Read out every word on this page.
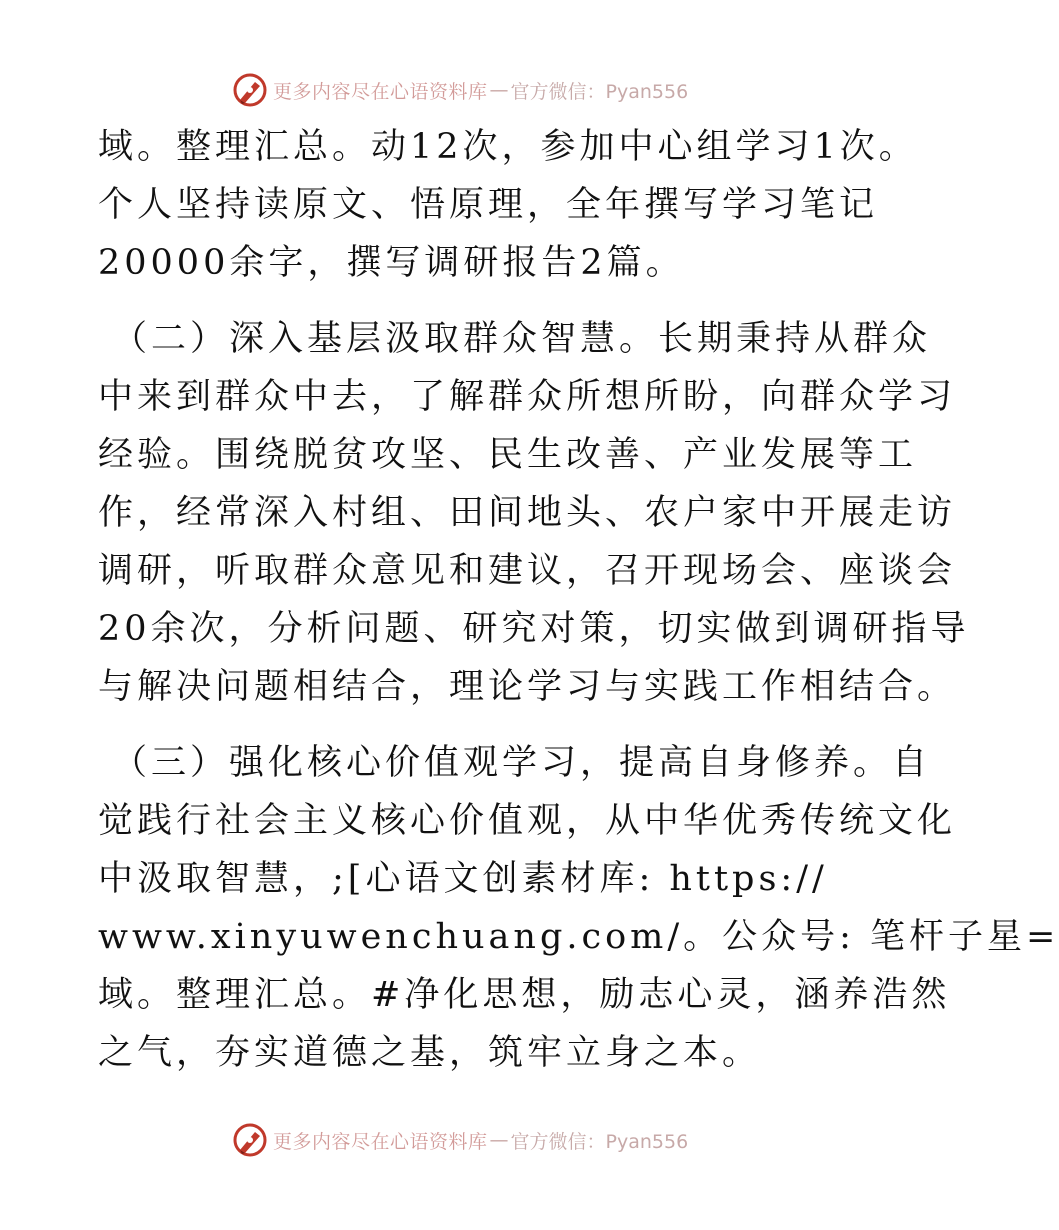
更多内容尽在心语资料库 — 官方微信：Pyan556
域。整理汇总。动12次，参加中心组学习1次。
个人坚持读原文、悟原理，全年撰写学习笔记
20000余字，撰写调研报告2篇。
（二）深入基层汲取群众智慧。长期秉持从群众
中来到群众中去，了解群众所想所盼，向群众学习
经验。围绕脱贫攻坚、民生改善、产业发展等工
作，经常深入村组、田间地头、农户家中开展走访
调研，听取群众意见和建议，召开现场会、座谈会
20余次，分析问题、研究对策，切实做到调研指导
与解决问题相结合，理论学习与实践工作相结合。
（三）强化核心价值观学习，提高自身修养。自
觉践行社会主义核心价值观，从中华优秀传统文化
中汲取智慧，;[心语文创素材库: https://
www.xinyuwenchuang.com/。公众号: 笔杆子星=
域。整理汇总。#净化思想，励志心灵，涵养浩然
之气，夯实道德之基，筑牢立身之本。
更多内容尽在心语资料库 — 官方微信：Pyan556
